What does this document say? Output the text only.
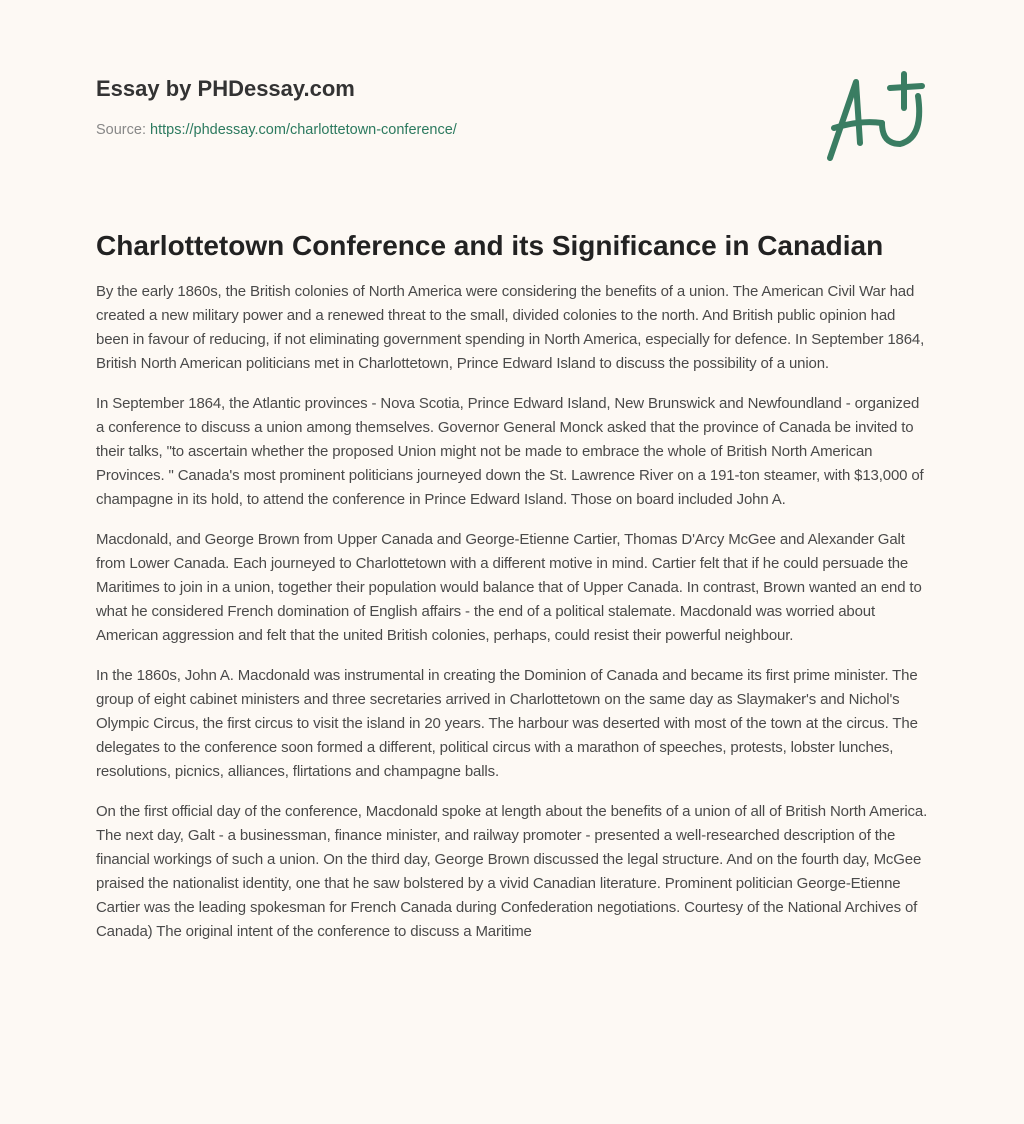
Essay by PHDessay.com
Source: https://phdessay.com/charlottetown-conference/
Charlottetown Conference and its Significance in Canadian

By the early 1860s, the British colonies of North America were considering the benefits of a union. The American Civil War had created a new military power and a renewed threat to the small, divided colonies to the north. And British public opinion had been in favour of reducing, if not eliminating government spending in North America, especially for defence. In September 1864, British North American politicians met in Charlottetown, Prince Edward Island to discuss the possibility of a union.

In September 1864, the Atlantic provinces - Nova Scotia, Prince Edward Island, New Brunswick and Newfoundland - organized a conference to discuss a union among themselves. Governor General Monck asked that the province of Canada be invited to their talks, "to ascertain whether the proposed Union might not be made to embrace the whole of British North American Provinces. " Canada's most prominent politicians journeyed down the St. Lawrence River on a 191-ton steamer, with $13,000 of champagne in its hold, to attend the conference in Prince Edward Island. Those on board included John A.

Macdonald, and George Brown from Upper Canada and George-Etienne Cartier, Thomas D'Arcy McGee and Alexander Galt from Lower Canada. Each journeyed to Charlottetown with a different motive in mind. Cartier felt that if he could persuade the Maritimes to join in a union, together their population would balance that of Upper Canada. In contrast, Brown wanted an end to what he considered French domination of English affairs - the end of a political stalemate. Macdonald was worried about American aggression and felt that the united British colonies, perhaps, could resist their powerful neighbour.

In the 1860s, John A. Macdonald was instrumental in creating the Dominion of Canada and became its first prime minister. The group of eight cabinet ministers and three secretaries arrived in Charlottetown on the same day as Slaymaker's and Nichol's Olympic Circus, the first circus to visit the island in 20 years. The harbour was deserted with most of the town at the circus. The delegates to the conference soon formed a different, political circus with a marathon of speeches, protests, lobster lunches, resolutions, picnics, alliances, flirtations and champagne balls.

On the first official day of the conference, Macdonald spoke at length about the benefits of a union of all of British North America. The next day, Galt - a businessman, finance minister, and railway promoter - presented a well-researched description of the financial workings of such a union. On the third day, George Brown discussed the legal structure. And on the fourth day, McGee praised the nationalist identity, one that he saw bolstered by a vivid Canadian literature. Prominent politician George-Etienne Cartier was the leading spokesman for French Canada during Confederation negotiations. Courtesy of the National Archives of Canada) The original intent of the conference to discuss a Maritime
